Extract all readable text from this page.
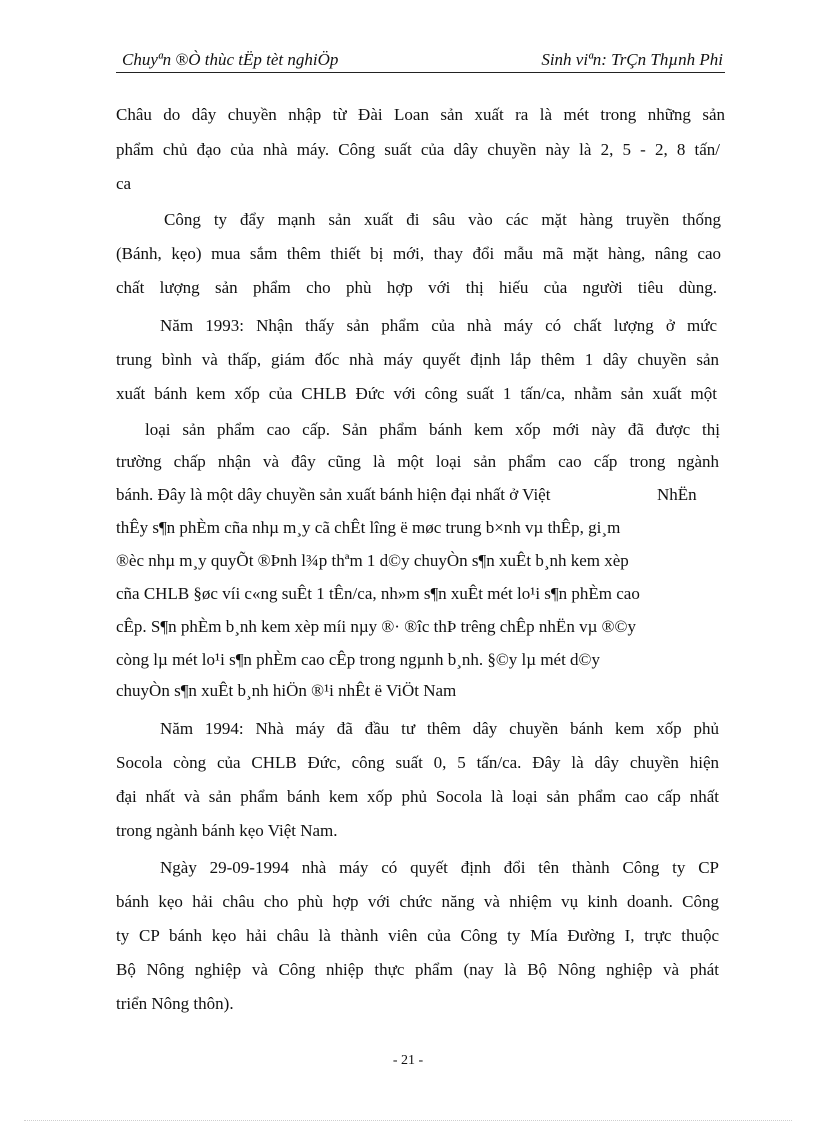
Chuyªn ®Ò thùc tËp tèt nghiÖp	Sinh viªn: TrÇn Thµnh Phi
Châu do dây chuyền nhập từ Đài Loan sản xuất ra là mét trong những sản
phẩm chủ đạo của nhà máy. Công suất của dây chuyền này là 2, 5 - 2, 8 tấn/
ca
Công ty đẩy mạnh sản xuất đi sâu vào các mặt hàng truyền thống
(Bánh, kẹo) mua sắm thêm thiết bị mới, thay đổi mẫu mã mặt hàng, nâng cao
chất lượng sản phẩm cho phù hợp với thị hiếu của người tiêu dùng.
Năm 1993: Nhận thấy sản phẩm của nhà máy có chất lượng ở mức
trung bình và thấp, giám đốc nhà máy quyết định lắp thêm 1 dây chuyền sản
xuất bánh kem xốp của CHLB Đức với công suất 1 tấn/ca, nhằm sản xuất một
loại sản phẩm cao cấp. Sản phẩm bánh kem xốp mới này đã được thị
trường chấp nhận và đây cũng là một loại sản phẩm cao cấp trong ngành
bánh. Đây là một dây chuyền sản xuất bánh hiện đại nhất ở Việt	NhËn
thÊy s¶n phÈm cña nhµ m¸y cã chÊt lîng ë møc trung b×nh vµ thÊp, gi¸m
®èc nhµ m¸y quyÕt ®Þnh l¾p thªm 1 d©y chuyÒn s¶n xuÊt b¸nh kem xèp
cña CHLB §øc víi c«ng suÊt 1 tÊn/ca, nh»m s¶n xuÊt mét lo¹i s¶n phÈm cao
cÊp. S¶n phÈm b¸nh kem xèp míi nµy ®· ®îc thÞ trêng chÊp nhËn vµ ®©y
còng lµ mét lo¹i s¶n phÈm cao cÊp trong ngµnh b¸nh. §©y lµ mét d©y
chuyÒn s¶n xuÊt b¸nh hiÖn ®¹i nhÊt ë ViÖt Nam
Năm 1994: Nhà máy đã đầu tư thêm dây chuyền bánh kem xốp phủ
Socola còng của CHLB Đức, công suất 0, 5 tấn/ca. Đây là dây chuyền hiện
đại nhất và sản phẩm bánh kem xốp phủ Socola là loại sản phẩm cao cấp nhất
trong ngành bánh kẹo Việt Nam.
Ngày 29-09-1994 nhà máy có quyết định đổi tên thành Công ty CP
bánh kẹo hải châu cho phù hợp với chức năng và nhiệm vụ kinh doanh. Công
ty CP bánh kẹo hải châu là thành viên của Công ty Mía Đường I, trực thuộc
Bộ Nông nghiệp và Công nhiệp thực phẩm (nay là Bộ Nông nghiệp và phát
triển Nông thôn).
- 21 -
